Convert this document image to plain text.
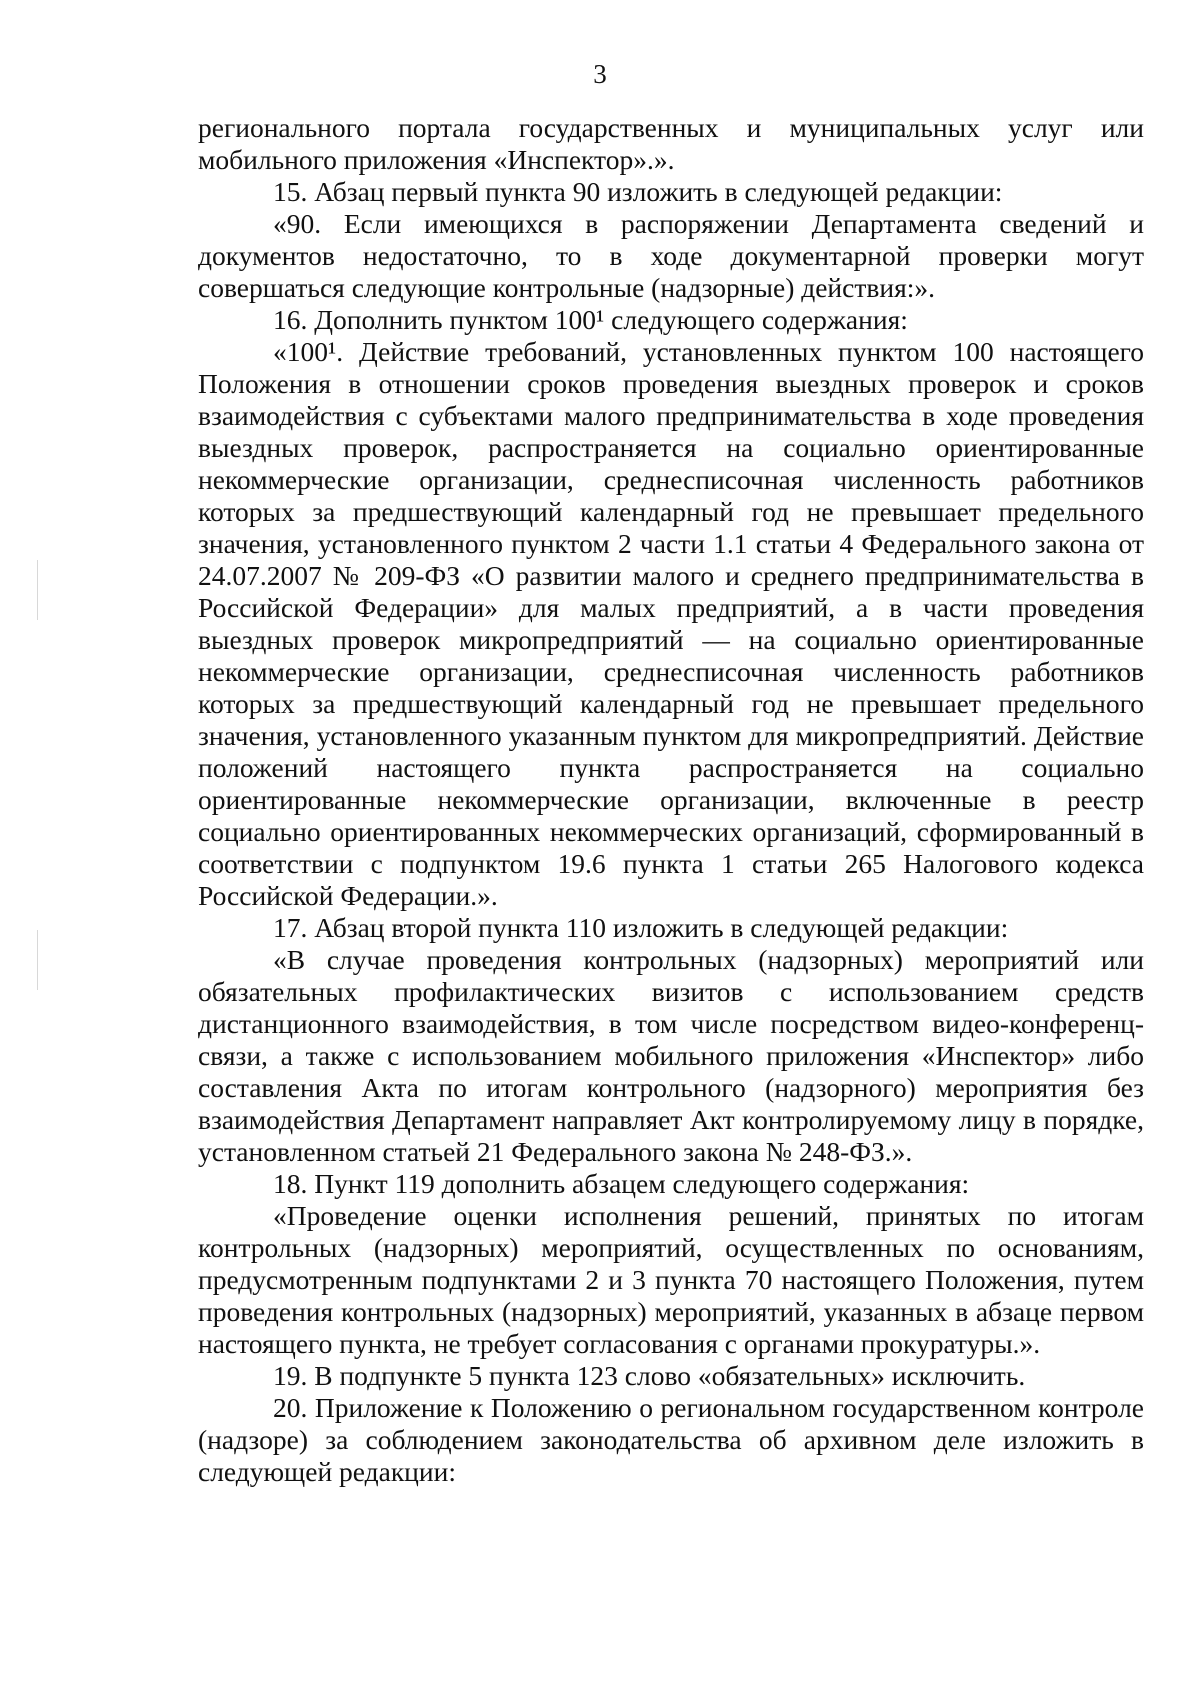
3

регионального портала государственных и муниципальных услуг или мобильного приложения «Инспектор».».

15. Абзац первый пункта 90 изложить в следующей редакции:

«90. Если имеющихся в распоряжении Департамента сведений и документов недостаточно, то в ходе документарной проверки могут совершаться следующие контрольные (надзорные) действия:».

16. Дополнить пунктом 100¹ следующего содержания:

«100¹. Действие требований, установленных пунктом 100 настоящего Положения в отношении сроков проведения выездных проверок и сроков взаимодействия с субъектами малого предпринимательства в ходе проведения выездных проверок, распространяется на социально ориентированные некоммерческие организации, среднесписочная численность работников которых за предшествующий календарный год не превышает предельного значения, установленного пунктом 2 части 1.1 статьи 4 Федерального закона от 24.07.2007 № 209-ФЗ «О развитии малого и среднего предпринимательства в Российской Федерации» для малых предприятий, а в части проведения выездных проверок микропредприятий — на социально ориентированные некоммерческие организации, среднесписочная численность работников которых за предшествующий календарный год не превышает предельного значения, установленного указанным пунктом для микропредприятий. Действие положений настоящего пункта распространяется на социально ориентированные некоммерческие организации, включенные в реестр социально ориентированных некоммерческих организаций, сформированный в соответствии с подпунктом 19.6 пункта 1 статьи 265 Налогового кодекса Российской Федерации.».

17. Абзац второй пункта 110 изложить в следующей редакции:

«В случае проведения контрольных (надзорных) мероприятий или обязательных профилактических визитов с использованием средств дистанционного взаимодействия, в том числе посредством видео-конференц-связи, а также с использованием мобильного приложения «Инспектор» либо составления Акта по итогам контрольного (надзорного) мероприятия без взаимодействия Департамент направляет Акт контролируемому лицу в порядке, установленном статьей 21 Федерального закона № 248-ФЗ.».

18. Пункт 119 дополнить абзацем следующего содержания:

«Проведение оценки исполнения решений, принятых по итогам контрольных (надзорных) мероприятий, осуществленных по основаниям, предусмотренным подпунктами 2 и 3 пункта 70 настоящего Положения, путем проведения контрольных (надзорных) мероприятий, указанных в абзаце первом настоящего пункта, не требует согласования с органами прокуратуры.».

19. В подпункте 5 пункта 123 слово «обязательных» исключить.

20. Приложение к Положению о региональном государственном контроле (надзоре) за соблюдением законодательства об архивном деле изложить в следующей редакции:
